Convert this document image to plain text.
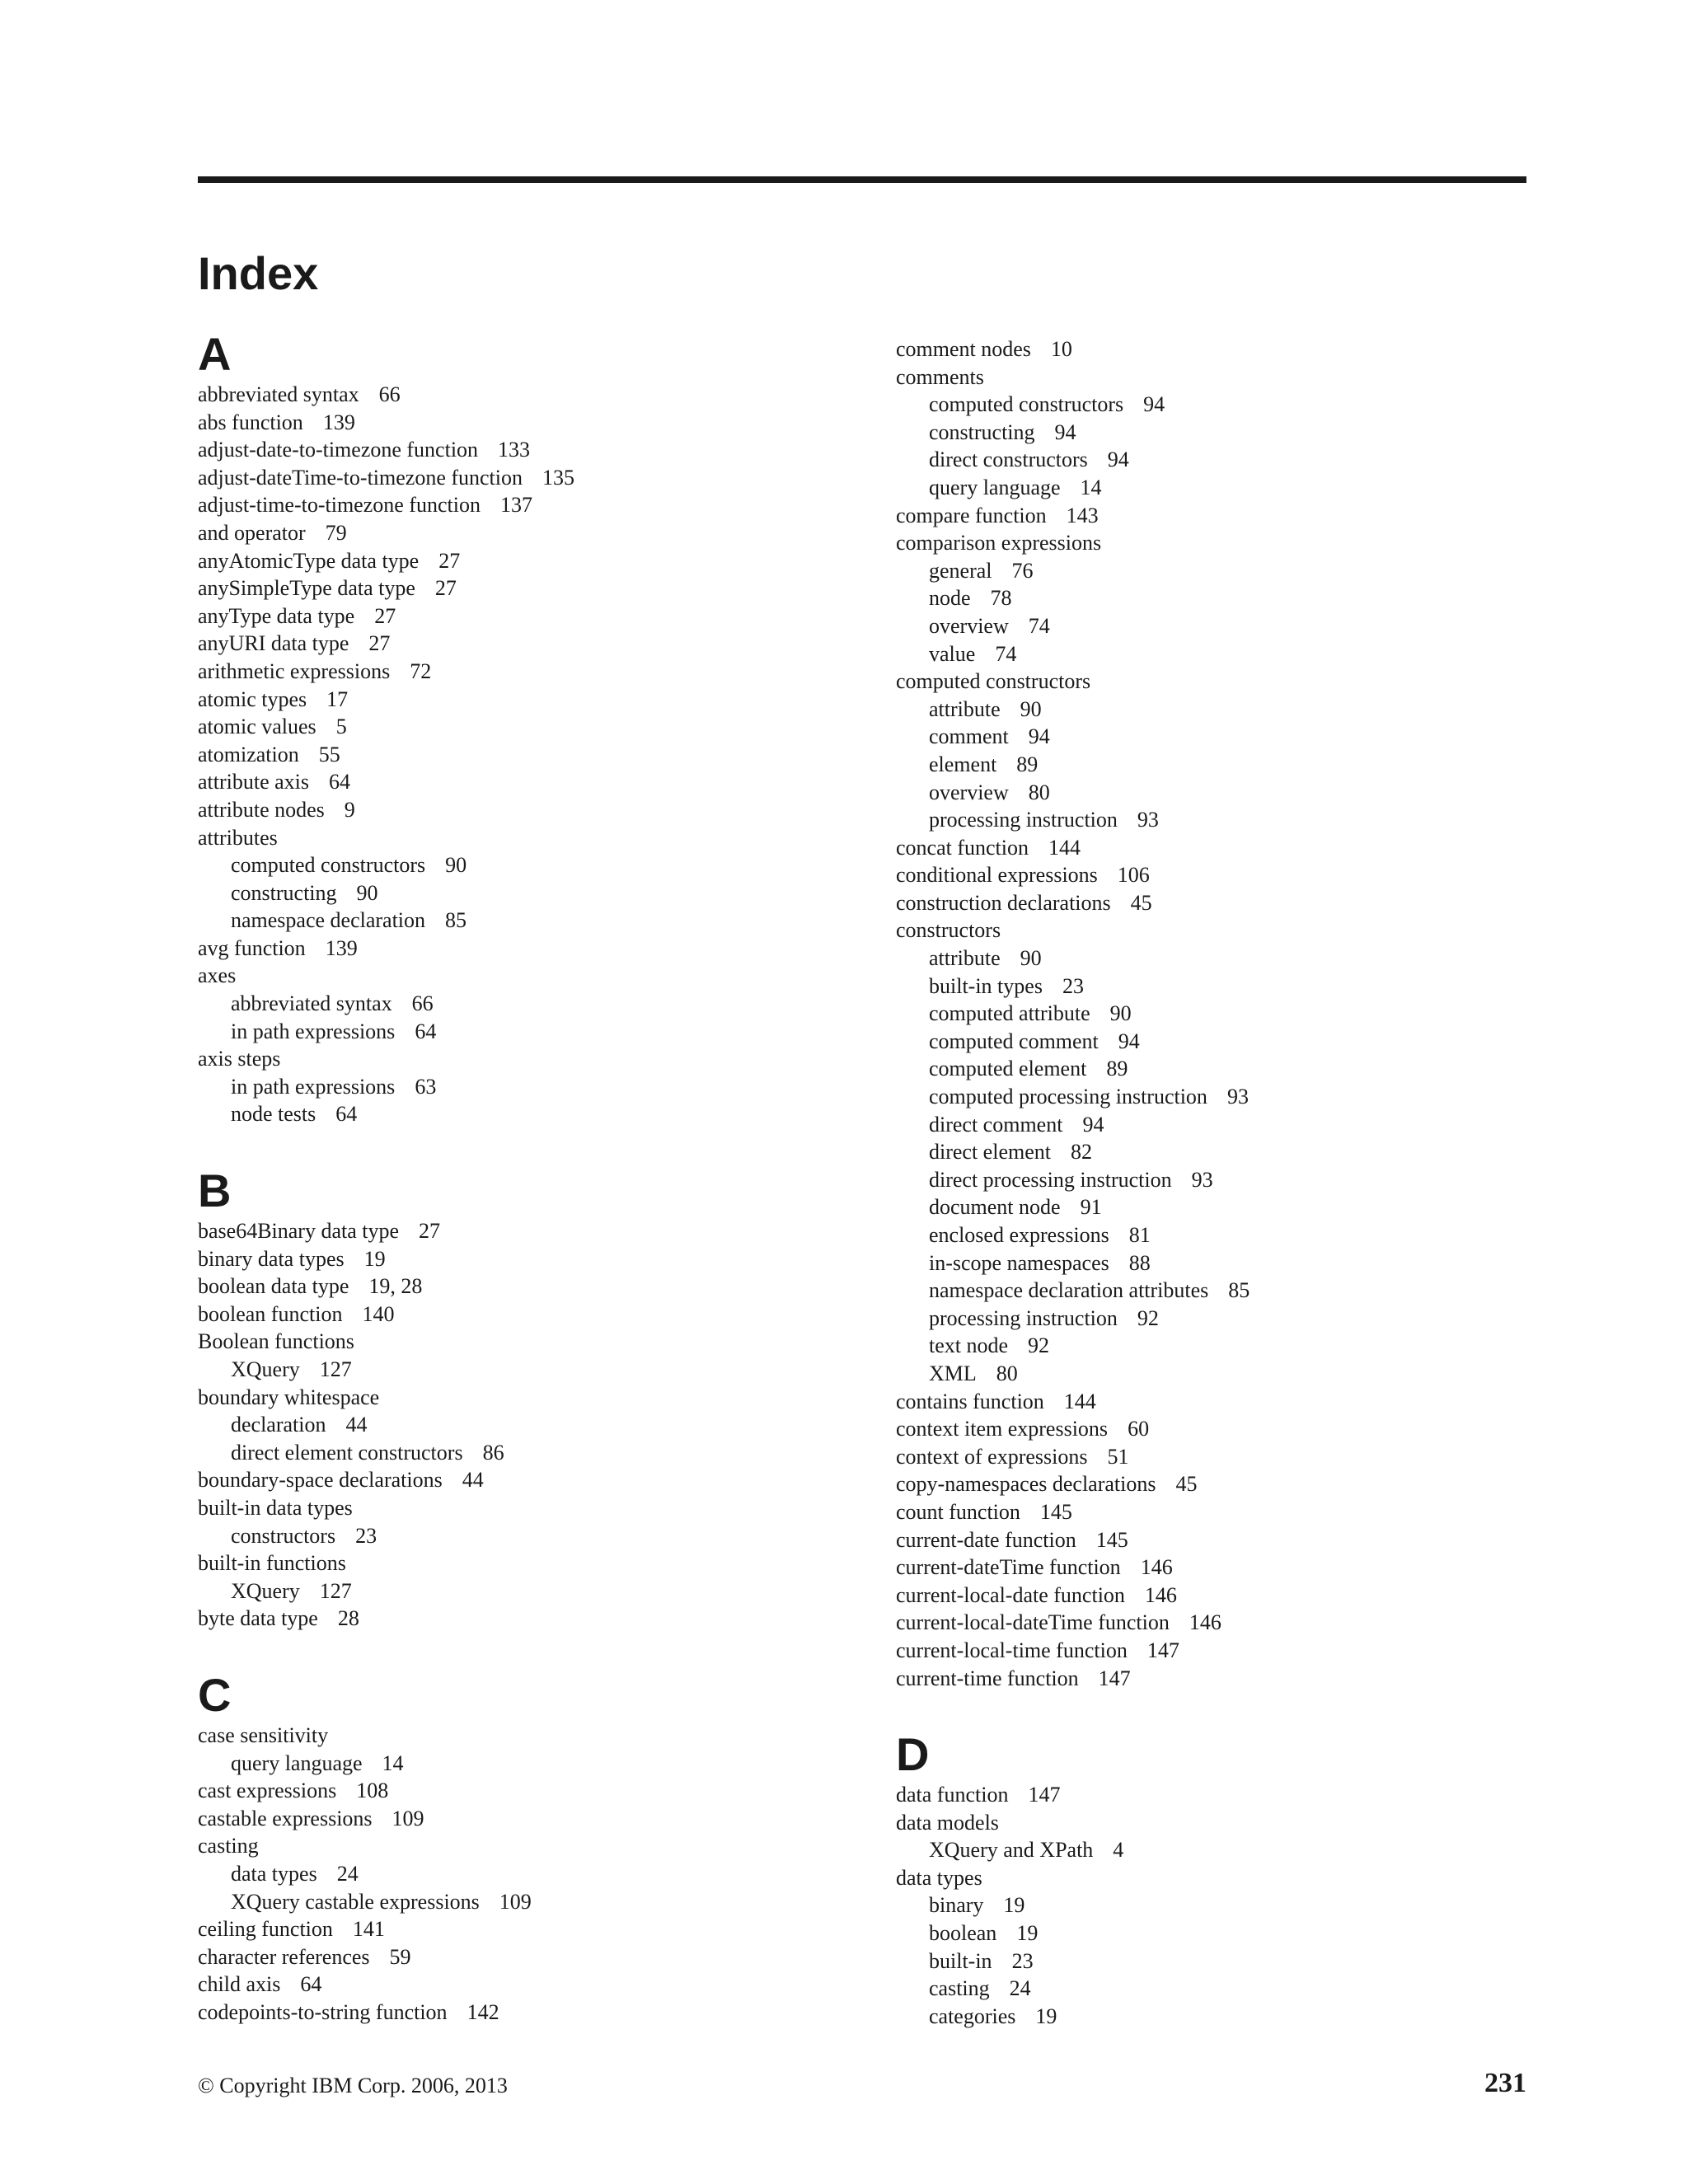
Index
A
abbreviated syntax 66
abs function 139
adjust-date-to-timezone function 133
adjust-dateTime-to-timezone function 135
adjust-time-to-timezone function 137
and operator 79
anyAtomicType data type 27
anySimpleType data type 27
anyType data type 27
anyURI data type 27
arithmetic expressions 72
atomic types 17
atomic values 5
atomization 55
attribute axis 64
attribute nodes 9
attributes
computed constructors 90
constructing 90
namespace declaration 85
avg function 139
axes
abbreviated syntax 66
in path expressions 64
axis steps
in path expressions 63
node tests 64
B
base64Binary data type 27
binary data types 19
boolean data type 19, 28
boolean function 140
Boolean functions
XQuery 127
boundary whitespace
declaration 44
direct element constructors 86
boundary-space declarations 44
built-in data types
constructors 23
built-in functions
XQuery 127
byte data type 28
C
case sensitivity
query language 14
cast expressions 108
castable expressions 109
casting
data types 24
XQuery castable expressions 109
ceiling function 141
character references 59
child axis 64
codepoints-to-string function 142
comment nodes 10
comments
computed constructors 94
constructing 94
direct constructors 94
query language 14
compare function 143
comparison expressions
general 76
node 78
overview 74
value 74
computed constructors
attribute 90
comment 94
element 89
overview 80
processing instruction 93
concat function 144
conditional expressions 106
construction declarations 45
constructors
attribute 90
built-in types 23
computed attribute 90
computed comment 94
computed element 89
computed processing instruction 93
direct comment 94
direct element 82
direct processing instruction 93
document node 91
enclosed expressions 81
in-scope namespaces 88
namespace declaration attributes 85
processing instruction 92
text node 92
XML 80
contains function 144
context item expressions 60
context of expressions 51
copy-namespaces declarations 45
count function 145
current-date function 145
current-dateTime function 146
current-local-date function 146
current-local-dateTime function 146
current-local-time function 147
current-time function 147
D
data function 147
data models
XQuery and XPath 4
data types
binary 19
boolean 19
built-in 23
casting 24
categories 19
© Copyright IBM Corp. 2006, 2013	231
